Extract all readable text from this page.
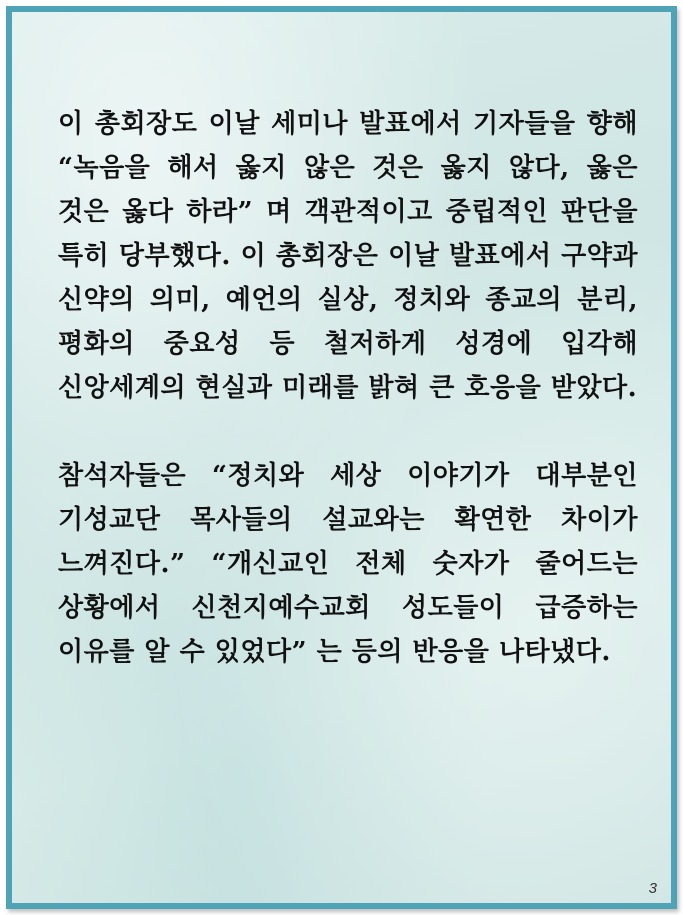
이 총회장도 이날 세미나 발표에서 기자들을 향해 “녹음을 해서 옳지 않은 것은 옳지 않다, 옳은 것은 옳다 하라” 며 객관적이고 중립적인 판단을 특히 당부했다. 이 총회장은 이날 발표에서 구약과 신약의 의미, 예언의 실상, 정치와 종교의 분리, 평화의 중요성 등 철저하게 성경에 입각해 신앙세계의 현실과 미래를 밝혀 큰 호응을 받았다.

참석자들은 “정치와 세상 이야기가 대부분인 기성교단 목사들의 설교와는 확연한 차이가 느껴진다.” “개신교인 전체 숫자가 줄어드는 상황에서 신천지예수교회 성도들이 급증하는 이유를 알 수 있었다” 는 등의 반응을 나타냈다.

3
